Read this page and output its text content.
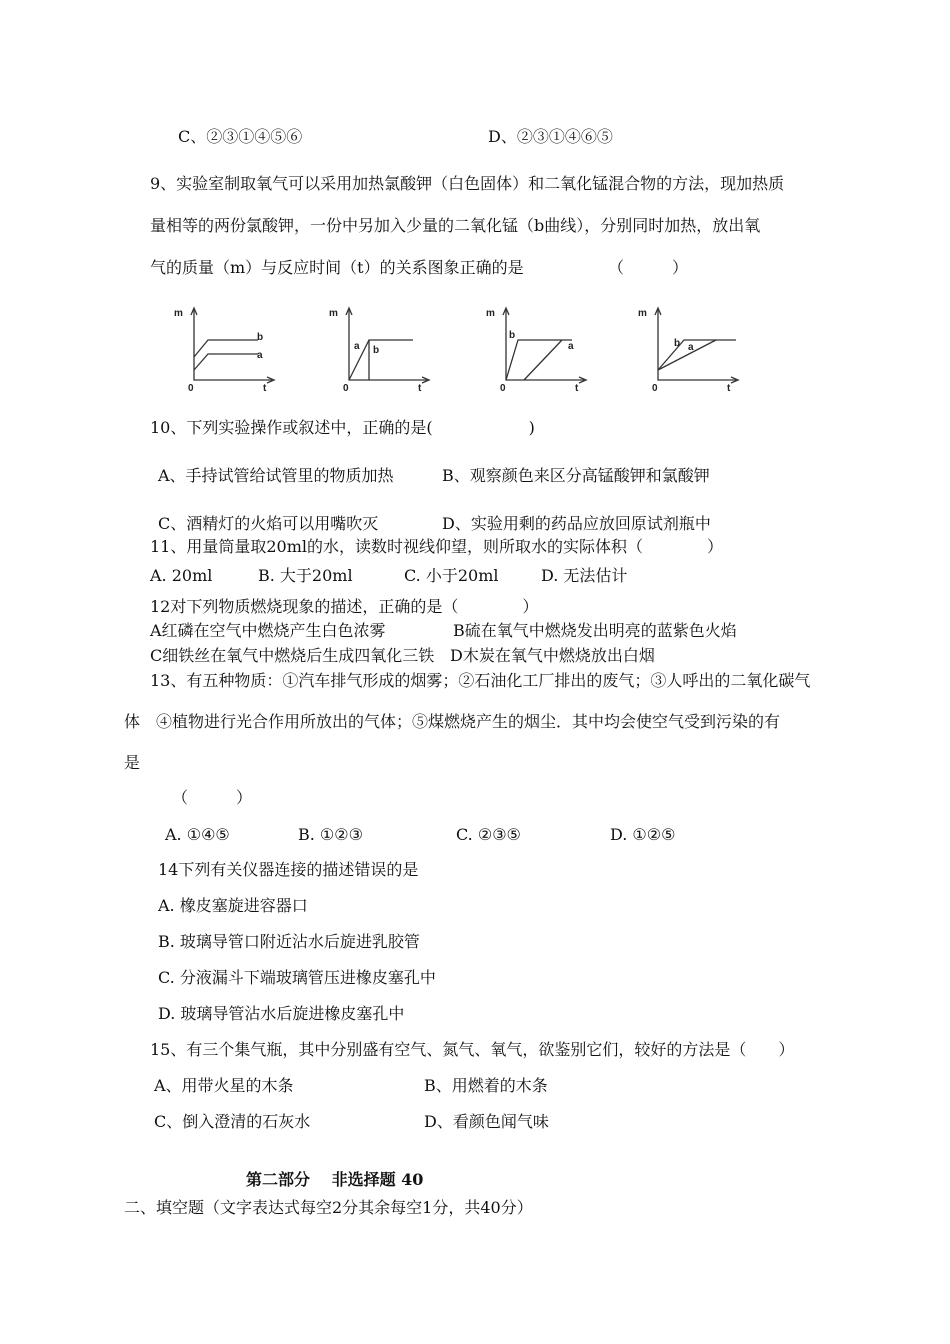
C、②③①④⑤⑥	D、②③①④⑥⑤
9、实验室制取氧气可以采用加热氯酸钾（白色固体）和二氧化锰混合物的方法，现加热质
量相等的两份氯酸钾，一份中另加入少量的二氧化锰（b曲线），分别同时加热，放出氧
气的质量（m）与反应时间（t）的关系图象正确的是	（　　　）
m
t
0
b
a
m
t
0
a b
m
t
0
b
a
m
t
0
b a
10、下列实验操作或叙述中，正确的是(　　　　　　)
A、手持试管给试管里的物质加热	B、观察颜色来区分高锰酸钾和氯酸钾
C、酒精灯的火焰可以用嘴吹灭	D、实验用剩的药品应放回原试剂瓶中
11、用量筒量取20ml的水，读数时视线仰望，则所取水的实际体积（　　　　）
A. 20ml	B. 大于20ml	C. 小于20ml	D. 无法估计
12对下列物质燃烧现象的描述，正确的是（　　　　）
A红磷在空气中燃烧产生白色浓雾	B硫在氧气中燃烧发出明亮的蓝紫色火焰
C细铁丝在氧气中燃烧后生成四氧化三铁 D木炭在氧气中燃烧放出白烟
13、有五种物质：①汽车排气形成的烟雾；②石油化工厂排出的废气；③人呼出的二氧化碳气
体　④植物进行光合作用所放出的气体；⑤煤燃烧产生的烟尘．其中均会使空气受到污染的有
是
（　　　）
A. ①④⑤	B. ①②③	C. ②③⑤	D. ①②⑤
14下列有关仪器连接的描述错误的是
A. 橡皮塞旋进容器口
B. 玻璃导管口附近沾水后旋进乳胶管
C. 分液漏斗下端玻璃管压进橡皮塞孔中
D. 玻璃导管沾水后旋进橡皮塞孔中
15、有三个集气瓶，其中分别盛有空气、氮气、氧气，欲鉴别它们，较好的方法是（　　）
A、用带火星的木条	B、用燃着的木条
C、倒入澄清的石灰水	D、看颜色闻气味
第二部分　 非选择题 40
二、填空题（文字表达式每空2分其余每空1分，共40分）
